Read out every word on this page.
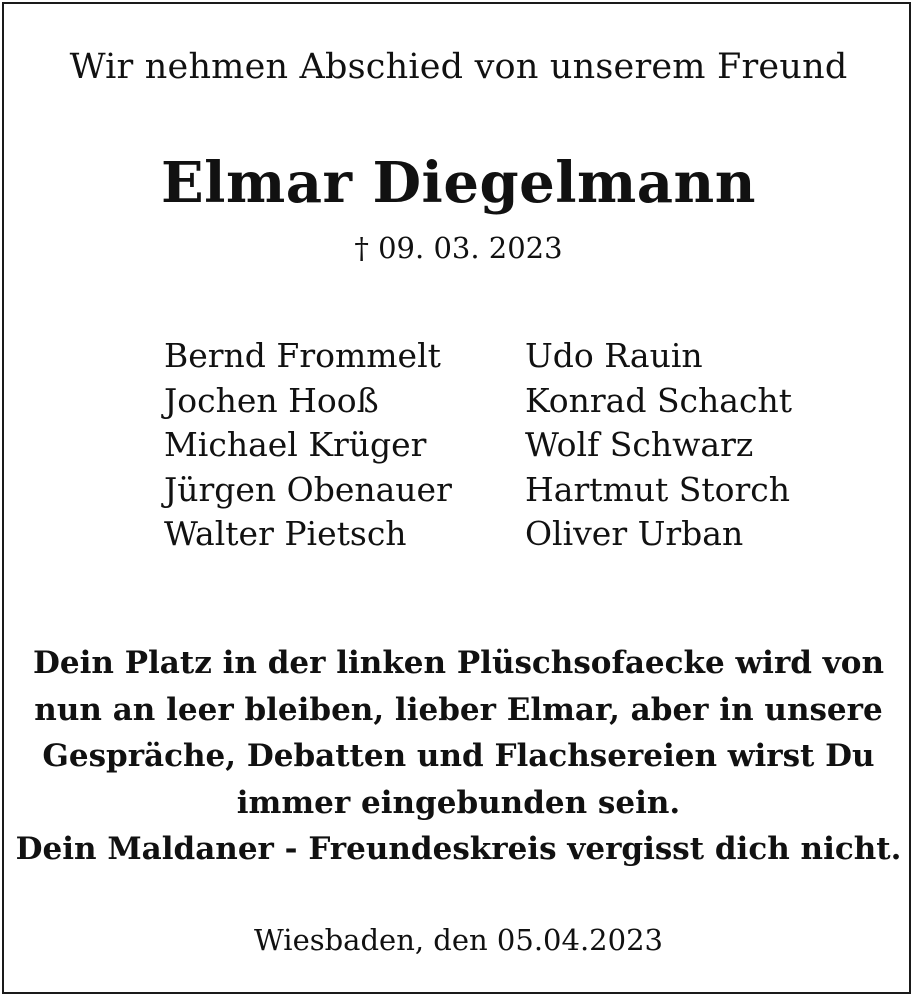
Wir nehmen Abschied von unserem Freund
Elmar Diegelmann
† 09. 03. 2023
Bernd Frommelt
Jochen Hooß
Michael Krüger
Jürgen Obenauer
Walter Pietsch
Udo Rauin
Konrad Schacht
Wolf Schwarz
Hartmut Storch
Oliver Urban
Dein Platz in der linken Plüschsofaecke wird von
nun an leer bleiben, lieber Elmar, aber in unsere
Gespräche, Debatten und Flachsereien wirst Du
immer eingebunden sein.
Dein Maldaner - Freundeskreis vergisst dich nicht.
Wiesbaden, den 05.04.2023
